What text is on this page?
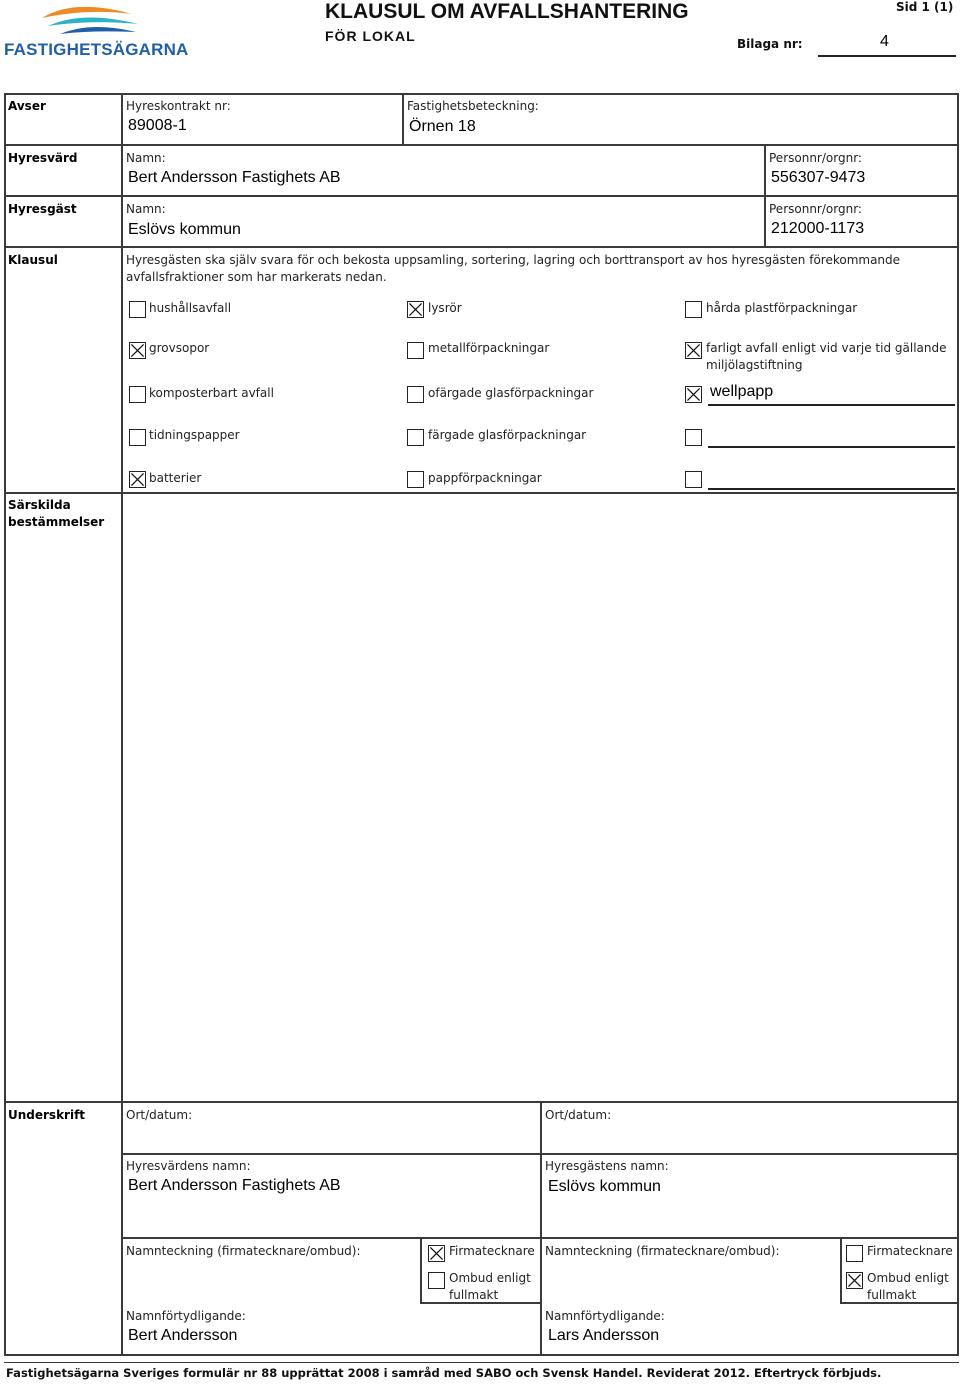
FASTIGHETSÄGARNA
KLAUSUL OM AVFALLSHANTERING
FÖR LOKAL
Sid 1 (1)
Bilaga nr:	4
Avser	Hyreskontrakt nr:
89008-1
Fastighetsbeteckning:
Örnen 18
Hyresvärd	Namn:
Bert Andersson Fastighets AB
Personnr/orgnr:
556307-9473
Hyresgäst	Namn:
Eslövs kommun
Personnr/orgnr:
212000-1173
Klausul	Hyresgästen ska själv svara för och bekosta uppsamling, sortering, lagring och borttransport av hos hyresgästen förekommande
avfallsfraktioner som har markerats nedan.
hushållsavfall	lysrör	hårda plastförpackningar
grovsopor	metallförpackningar	farligt avfall enligt vid varje tid gällande
miljölagstiftning
komposterbart avfall	ofärgade glasförpackningar	wellpapp
tidningspapper	färgade glasförpackningar
batterier	pappförpackningar
Särskilda
bestämmelser
Underskrift	Ort/datum:	Ort/datum:
Hyresvärdens namn:
Bert Andersson Fastighets AB
Hyresgästens namn:
Eslövs kommun
Namnteckning (firmatecknare/ombud):	Namnteckning (firmatecknare/ombud):
Firmatecknare
Ombud enligt
fullmakt
Firmatecknare
Ombud enligt
fullmakt
Namnförtydligande:
Bert Andersson
Namnförtydligande:
Lars Andersson
Fastighetsägarna Sveriges formulär nr 88 upprättat 2008 i samråd med SABO och Svensk Handel. Reviderat 2012. Eftertryck förbjuds.
